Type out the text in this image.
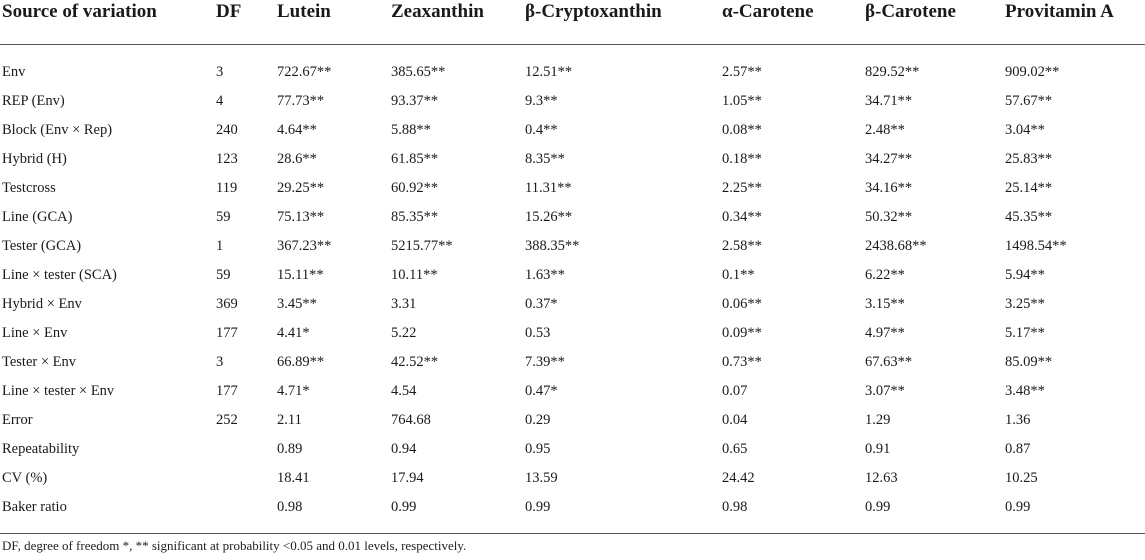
Source of variation	DF	Lutein	Zeaxanthin	β-Cryptoxanthin	α-Carotene	β-Carotene	Provitamin A
Env	3	722.67**	385.65**	12.51**	2.57**	829.52**	909.02**
REP (Env)	4	77.73**	93.37**	9.3**	1.05**	34.71**	57.67**
Block (Env × Rep)	240	4.64**	5.88**	0.4**	0.08**	2.48**	3.04**
Hybrid (H)	123	28.6**	61.85**	8.35**	0.18**	34.27**	25.83**
Testcross	119	29.25**	60.92**	11.31**	2.25**	34.16**	25.14**
Line (GCA)	59	75.13**	85.35**	15.26**	0.34**	50.32**	45.35**
Tester (GCA)	1	367.23**	5215.77**	388.35**	2.58**	2438.68**	1498.54**
Line × tester (SCA)	59	15.11**	10.11**	1.63**	0.1**	6.22**	5.94**
Hybrid × Env	369	3.45**	3.31	0.37*	0.06**	3.15**	3.25**
Line × Env	177	4.41*	5.22	0.53	0.09**	4.97**	5.17**
Tester × Env	3	66.89**	42.52**	7.39**	0.73**	67.63**	85.09**
Line × tester × Env	177	4.71*	4.54	0.47*	0.07	3.07**	3.48**
Error	252	2.11	764.68	0.29	0.04	1.29	1.36
Repeatability		0.89	0.94	0.95	0.65	0.91	0.87
CV (%)		18.41	17.94	13.59	24.42	12.63	10.25
Baker ratio		0.98	0.99	0.99	0.98	0.99	0.99
DF, degree of freedom *, ** significant at probability <0.05 and 0.01 levels, respectively.
